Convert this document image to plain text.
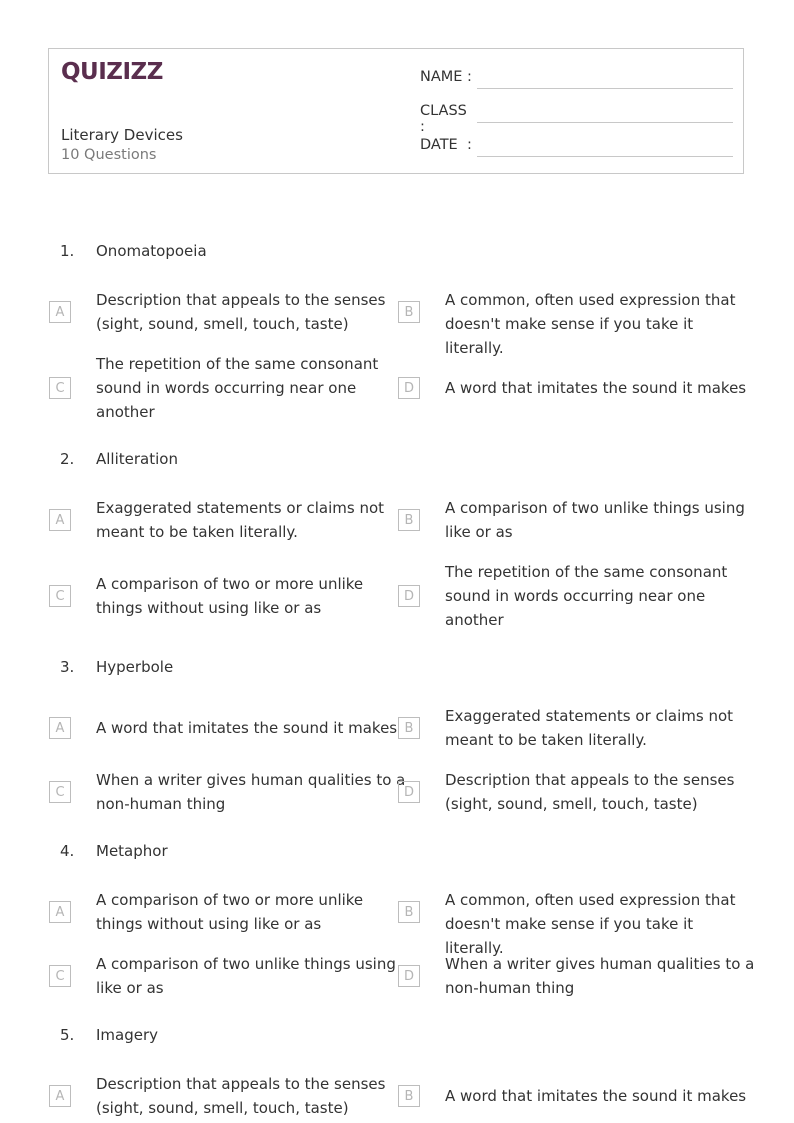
QUIZIZZ
Literary Devices
10 Questions
NAME :
CLASS :
DATE  :
1. Onomatopoeia
A
Description that appeals to the senses (sight, sound, smell, touch, taste)
B
A common, often used expression that doesn't make sense if you take it literally.
C
The repetition of the same consonant sound in words occurring near one another
D	A word that imitates the sound it makes
2. Alliteration
A
Exaggerated statements or claims not meant to be taken literally.
B
A comparison of two unlike things using like or as
C
A comparison of two or more unlike things without using like or as
D
The repetition of the same consonant sound in words occurring near one another
3. Hyperbole
A	A word that imitates the sound it makes B
Exaggerated statements or claims not meant to be taken literally.
C
When a writer gives human qualities to a non-human thing
D
Description that appeals to the senses (sight, sound, smell, touch, taste)
4. Metaphor
A
A comparison of two or more unlike things without using like or as
B
A common, often used expression that doesn't make sense if you take it literally.
C
A comparison of two unlike things using like or as
D
When a writer gives human qualities to a non-human thing
5. Imagery
A
Description that appeals to the senses (sight, sound, smell, touch, taste)
B	A word that imitates the sound it makes
